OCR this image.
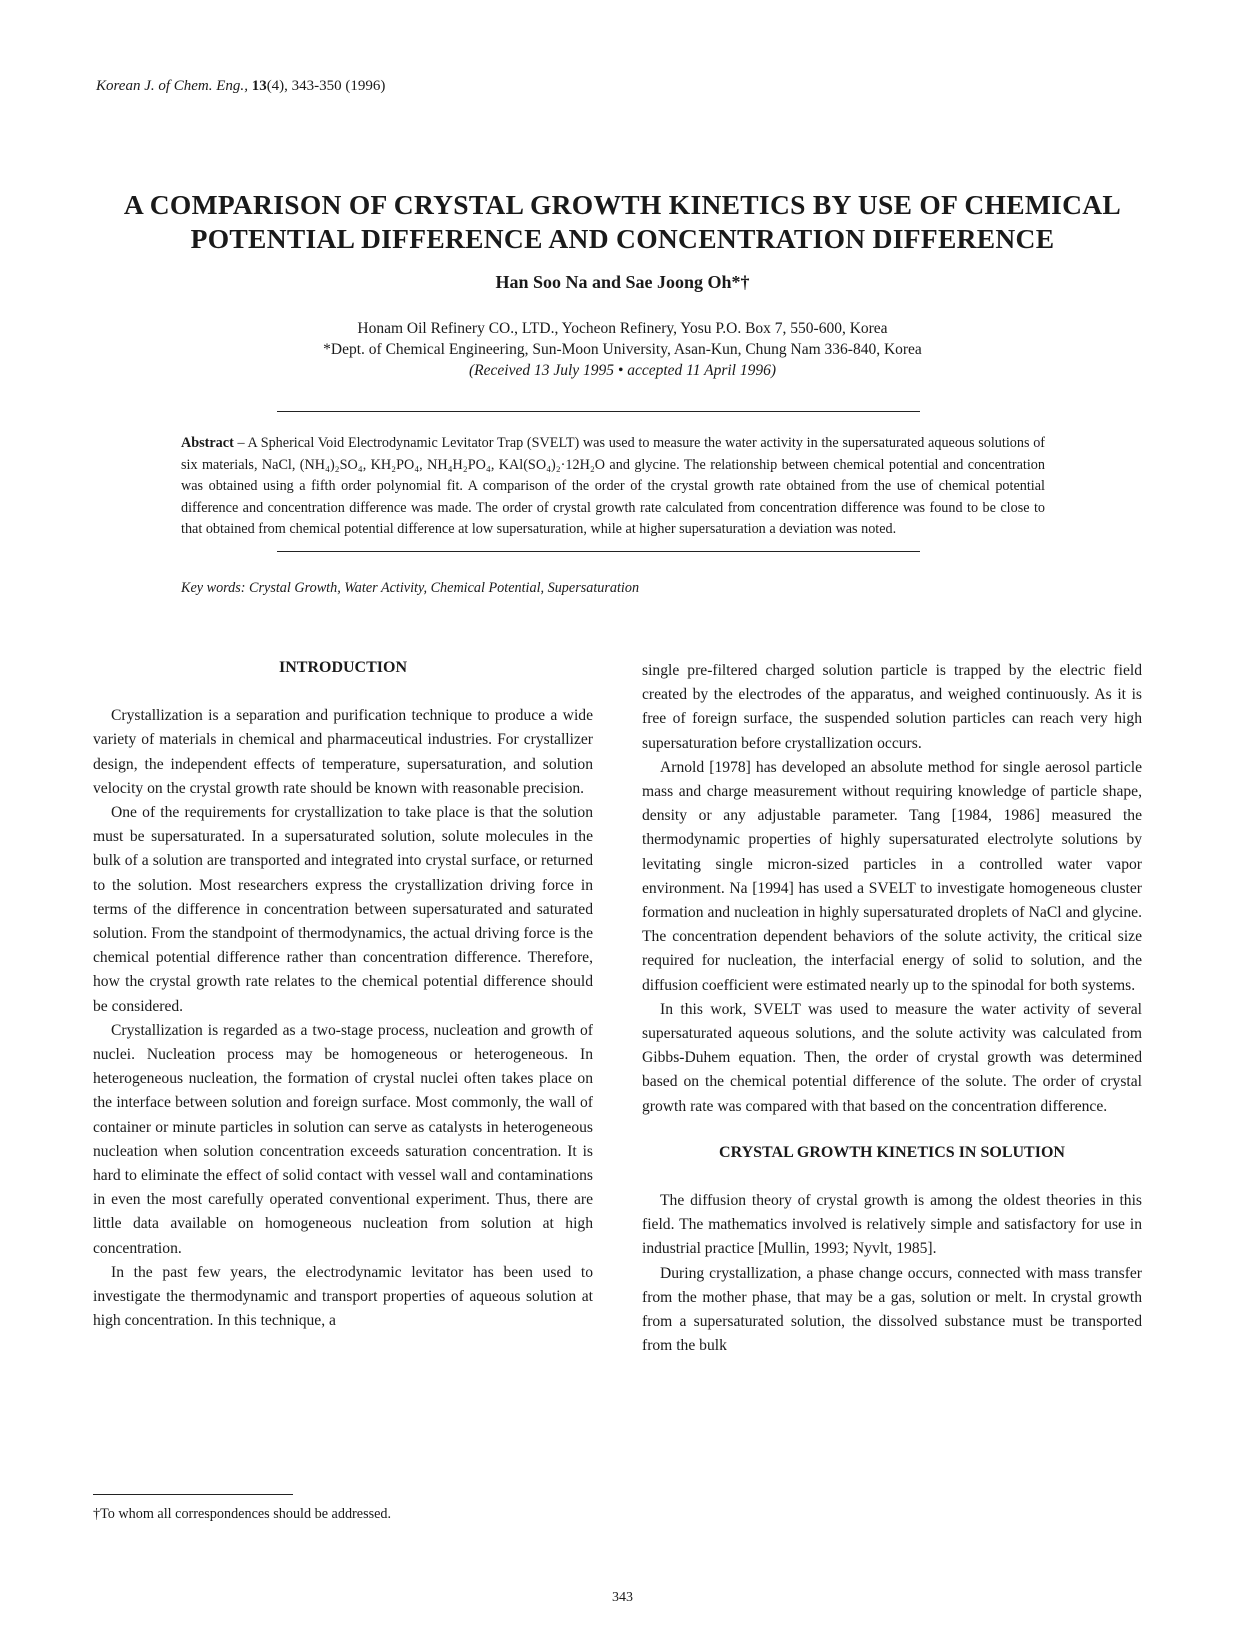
Korean J. of Chem. Eng., 13(4), 343-350 (1996)
A COMPARISON OF CRYSTAL GROWTH KINETICS BY USE OF CHEMICAL
POTENTIAL DIFFERENCE AND CONCENTRATION DIFFERENCE
Han Soo Na and Sae Joong Oh*†
Honam Oil Refinery CO., LTD., Yocheon Refinery, Yosu P.O. Box 7, 550-600, Korea
*Dept. of Chemical Engineering, Sun-Moon University, Asan-Kun, Chung Nam 336-840, Korea
(Received 13 July 1995 • accepted 11 April 1996)
Abstract – A Spherical Void Electrodynamic Levitator Trap (SVELT) was used to measure the water activity in the supersaturated aqueous solutions of six materials, NaCl, (NH₄)₂SO₄, KH₂PO₄, NH₄H₂PO₄, KAl(SO₄)₂·12H₂O and glycine. The relationship between chemical potential and concentration was obtained using a fifth order polynomial fit. A comparison of the order of the crystal growth rate obtained from the use of chemical potential difference and concentration difference was made. The order of crystal growth rate calculated from concentration difference was found to be close to that obtained from chemical potential difference at low supersaturation, while at higher supersaturation a deviation was noted.
Key words: Crystal Growth, Water Activity, Chemical Potential, Supersaturation
INTRODUCTION

Crystallization is a separation and purification technique to produce a wide variety of materials in chemical and pharmaceutical industries. For crystallizer design, the independent effects of temperature, supersaturation, and solution velocity on the crystal growth rate should be known with reasonable precision.

One of the requirements for crystallization to take place is that the solution must be supersaturated. In a supersaturated solution, solute molecules in the bulk of a solution are transported and integrated into crystal surface, or returned to the solution. Most researchers express the crystallization driving force in terms of the difference in concentration between supersaturated and saturated solution. From the standpoint of thermodynamics, the actual driving force is the chemical potential difference rather than concentration difference. Therefore, how the crystal growth rate relates to the chemical potential difference should be considered.

Crystallization is regarded as a two-stage process, nucleation and growth of nuclei. Nucleation process may be homogeneous or heterogeneous. In heterogeneous nucleation, the formation of crystal nuclei often takes place on the interface between solution and foreign surface. Most commonly, the wall of container or minute particles in solution can serve as catalysts in heterogeneous nucleation when solution concentration exceeds saturation concentration. It is hard to eliminate the effect of solid contact with vessel wall and contaminations in even the most carefully operated conventional experiment. Thus, there are little data available on homogeneous nucleation from solution at high concentration.

In the past few years, the electrodynamic levitator has been used to investigate the thermodynamic and transport properties of aqueous solution at high concentration. In this technique, a

single pre-filtered charged solution particle is trapped by the electric field created by the electrodes of the apparatus, and weighed continuously. As it is free of foreign surface, the suspended solution particles can reach very high supersaturation before crystallization occurs.

Arnold [1978] has developed an absolute method for single aerosol particle mass and charge measurement without requiring knowledge of particle shape, density or any adjustable parameter. Tang [1984, 1986] measured the thermodynamic properties of highly supersaturated electrolyte solutions by levitating single micron-sized particles in a controlled water vapor environment. Na [1994] has used a SVELT to investigate homogeneous cluster formation and nucleation in highly supersaturated droplets of NaCl and glycine. The concentration dependent behaviors of the solute activity, the critical size required for nucleation, the interfacial energy of solid to solution, and the diffusion coefficient were estimated nearly up to the spinodal for both systems.

In this work, SVELT was used to measure the water activity of several supersaturated aqueous solutions, and the solute activity was calculated from Gibbs-Duhem equation. Then, the order of crystal growth was determined based on the chemical potential difference of the solute. The order of crystal growth rate was compared with that based on the concentration difference.

CRYSTAL GROWTH KINETICS IN SOLUTION

The diffusion theory of crystal growth is among the oldest theories in this field. The mathematics involved is relatively simple and satisfactory for use in industrial practice [Mullin, 1993; Nyvlt, 1985].

During crystallization, a phase change occurs, connected with mass transfer from the mother phase, that may be a gas, solution or melt. In crystal growth from a supersaturated solution, the dissolved substance must be transported from the bulk

†To whom all correspondences should be addressed.
343
